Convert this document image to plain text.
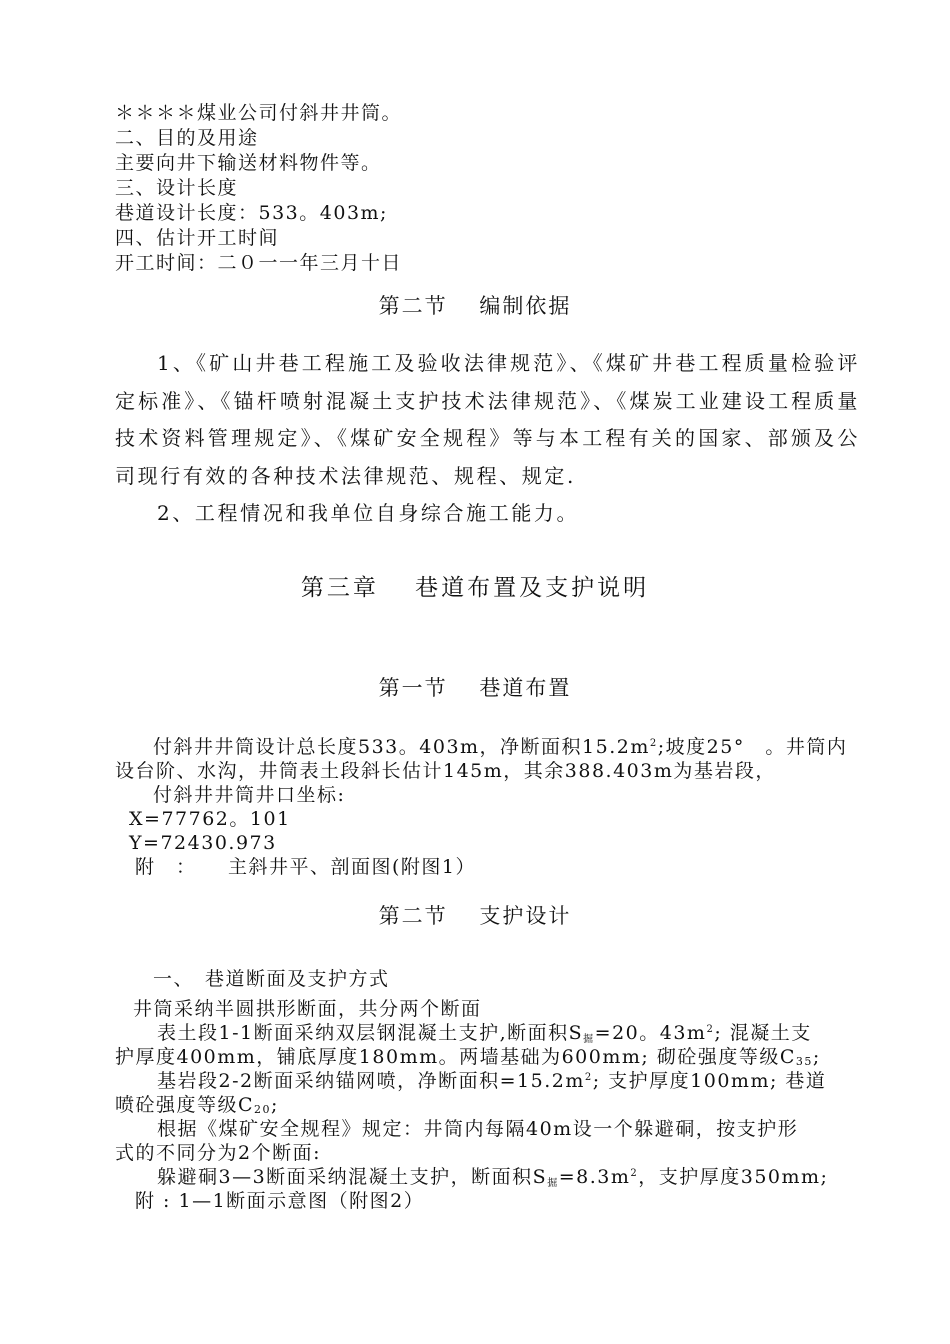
＊＊＊＊煤业公司付斜井井筒。
二、目的及用途
主要向井下输送材料物件等。
三、设计长度
巷道设计长度：533。403m;
四、估计开工时间
开工时间：二０一一年三月十日
第二节　 编制依据

1、《矿山井巷工程施工及验收法律规范》、《煤矿井巷工程质量检验评定标准》、《锚杆喷射混凝土支护技术法律规范》、《煤炭工业建设工程质量技术资料管理规定》、《煤矿安全规程》等与本工程有关的国家、部颁及公司现行有效的各种技术法律规范、规程、规定.

2、工程情况和我单位自身综合施工能力。

第三章　 巷道布置及支护说明
第一节　 巷道布置
付斜井井筒设计总长度533。403m，净断面积$15.2m^2$;坡度25°　。井筒内
设台阶、水沟，井筒表土段斜长估计145m，其余388.403m为基岩段，
付斜井井筒井口坐标:
X=77762。101
Y=72430.973
附　：　　主斜井平、剖面图(附图1）
第二节　 支护设计
一、　巷道断面及支护方式
井筒采纳半圆拱形断面，共分两个断面
表土段1-1断面采纳双层钢混凝土支护,断面积$S_掘=20$。$43m^2$; 混凝土支
护厚度400mm，铺底厚度180mm。两墙基础为600mm; 砌砼强度等级$C_{35}$;
基岩段2-2断面采纳锚网喷，净断面积$=15.2m^2$; 支护厚度100mm; 巷道
喷砼强度等级$C_{20}$;
根据《煤矿安全规程》规定：井筒内每隔40m设一个躲避硐，按支护形
式的不同分为2个断面:
躲避硐3—3断面采纳混凝土支护，断面积$S_掘=8.3m^2$，支护厚度350mm;
附 : 1—1断面示意图（附图2）
